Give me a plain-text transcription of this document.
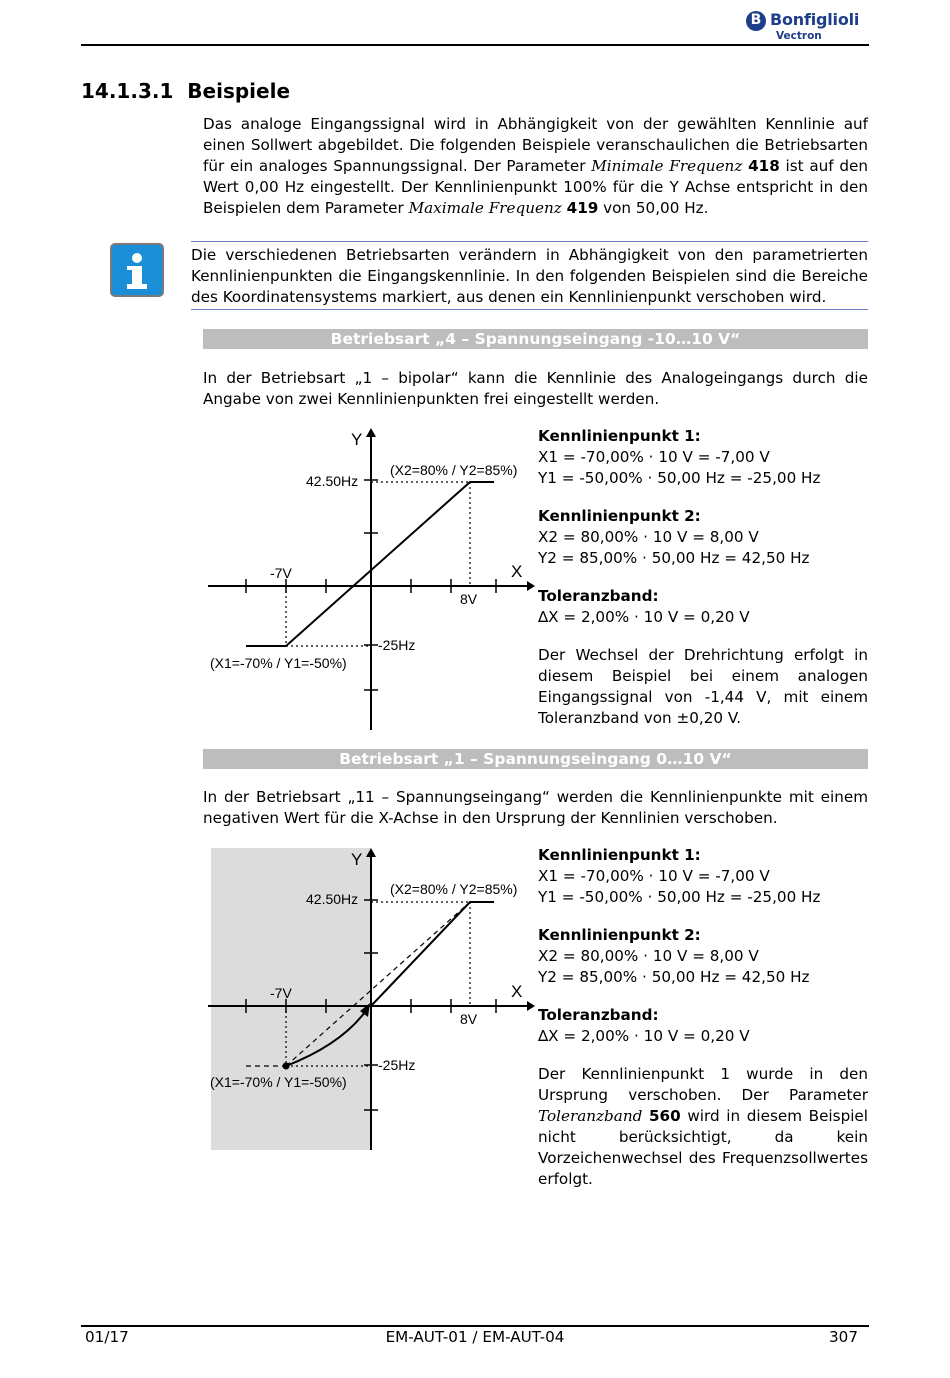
B Bonfiglioli
Vectron
14.1.3.1  Beispiele
Das analoge Eingangssignal wird in Abhängigkeit von der gewählten Kennlinie auf einen Sollwert abgebildet. Die folgenden Beispiele veranschaulichen die Betriebsarten für ein analoges Spannungssignal. Der Parameter Minimale Frequenz 418 ist auf den Wert 0,00 Hz eingestellt. Der Kennlinienpunkt 100% für die Y Achse entspricht in den Beispielen dem Parameter Maximale Frequenz 419 von 50,00 Hz.
Die verschiedenen Betriebsarten verändern in Abhängigkeit von den parametrierten Kennlinienpunkten die Eingangskennlinie. In den folgenden Beispielen sind die Bereiche des Koordinatensystems markiert, aus denen ein Kennlinienpunkt verschoben wird.
Betriebsart „4 – Spannungseingang -10…10 V“
In der Betriebsart „1 – bipolar“ kann die Kennlinie des Analogeingangs durch die Angabe von zwei Kennlinienpunkten frei eingestellt werden.
Y
X
42.50Hz
(X2=80% / Y2=85%)
-7V
8V
-25Hz
(X1=-70% / Y1=-50%)
Kennlinienpunkt 1:
X1 = -70,00% · 10 V = -7,00 V
Y1 = -50,00% · 50,00 Hz = -25,00 Hz
Kennlinienpunkt 2:
X2 = 80,00% · 10 V = 8,00 V
Y2 = 85,00% · 50,00 Hz = 42,50 Hz
Toleranzband:
∆X = 2,00% · 10 V = 0,20 V
Der Wechsel der Drehrichtung erfolgt in diesem Beispiel bei einem analogen Eingangssignal von -1,44 V, mit einem Toleranzband von ±0,20 V.
Betriebsart „1 – Spannungseingang 0…10 V“
In der Betriebsart „11 – Spannungseingang“ werden die Kennlinienpunkte mit einem negativen Wert für die X-Achse in den Ursprung der Kennlinien verschoben.
Y
X
42.50Hz
(X2=80% / Y2=85%)
-7V
8V
-25Hz
(X1=-70% / Y1=-50%)
Kennlinienpunkt 1:
X1 = -70,00% · 10 V = -7,00 V
Y1 = -50,00% · 50,00 Hz = -25,00 Hz
Kennlinienpunkt 2:
X2 = 80,00% · 10 V = 8,00 V
Y2 = 85,00% · 50,00 Hz = 42,50 Hz
Toleranzband:
∆X = 2,00% · 10 V = 0,20 V
Der Kennlinienpunkt 1 wurde in den Ursprung verschoben. Der Parameter Toleranzband 560 wird in diesem Beispiel nicht berücksichtigt, da kein Vorzeichenwechsel des Frequenzsollwertes erfolgt.
01/17	EM-AUT-01 / EM-AUT-04	307
